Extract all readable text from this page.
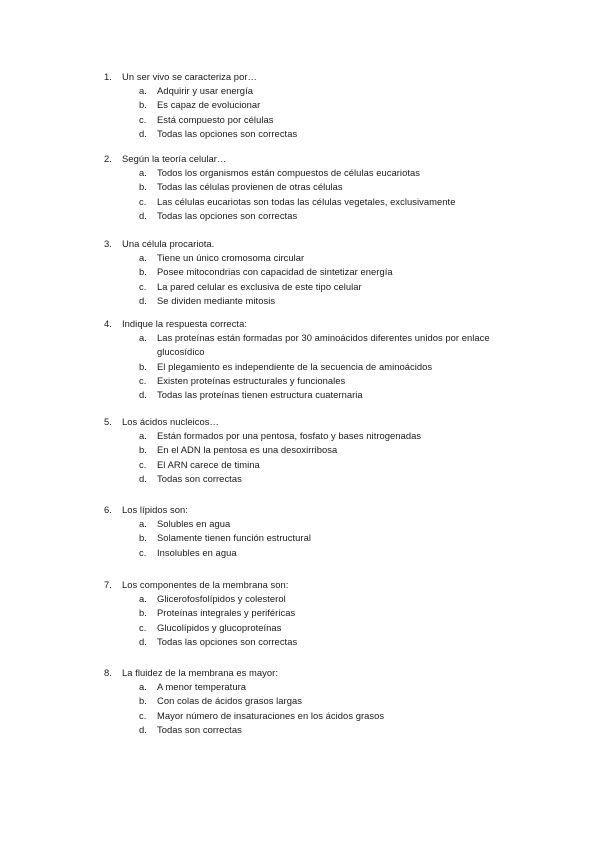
1. Un ser vivo se caracteriza por…
a. Adquirir y usar energía
b. Es capaz de evolucionar
c. Está compuesto por células
d. Todas las opciones son correctas
2. Según la teoría celular…
a. Todos los organismos están compuestos de células eucariotas
b. Todas las células provienen de otras células
c. Las células eucariotas son todas las células vegetales, exclusivamente
d. Todas las opciones son correctas
3. Una célula procariota.
a. Tiene un único cromosoma circular
b. Posee mitocondrias con capacidad de sintetizar energía
c. La pared celular es exclusiva de este tipo celular
d. Se dividen mediante mitosis
4. Indique la respuesta correcta:
a. Las proteínas están formadas por 30 aminoácidos diferentes unidos por enlace glucosídico
b. El plegamiento es independiente de la secuencia de aminoácidos
c. Existen proteínas estructurales y funcionales
d. Todas las proteínas tienen estructura cuaternaria
5. Los ácidos nucleicos…
a. Están formados por una pentosa, fosfato y bases nitrogenadas
b. En el ADN la pentosa es una desoxirribosa
c. El ARN carece de timina
d. Todas son correctas
6. Los lípidos son:
a. Solubles en agua
b. Solamente tienen función estructural
c. Insolubles en agua
7. Los componentes de la membrana son:
a. Glicerofosfolípidos y colesterol
b. Proteínas integrales y periféricas
c. Glucolípidos y glucoproteínas
d. Todas las opciones son correctas
8. La fluidez de la membrana es mayor:
a. A menor temperatura
b. Con colas de ácidos grasos largas
c. Mayor número de insaturaciones en los ácidos grasos
d. Todas son correctas
